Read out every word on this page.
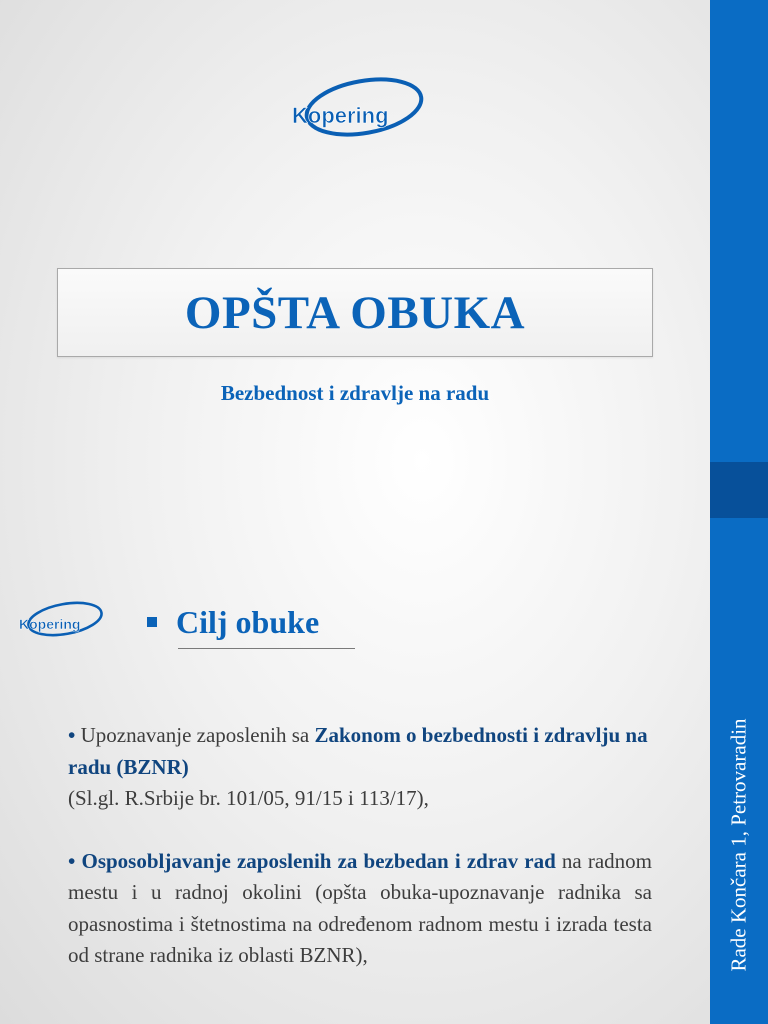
Rade Končara 1, Petrovaradin
Kopering
Kopering
OPŠTA OBUKA
Bezbednost i zdravlje na radu
Cilj obuke

• Upoznavanje zaposlenih sa Zakonom o bezbednosti i zdravlju na radu (BZNR)
(Sl.gl. R.Srbije br. 101/05, 91/15 i 113/17),

• Osposobljavanje zaposlenih za bezbedan i zdrav rad na radnom mestu i u radnoj okolini (opšta obuka-upoznavanje radnika sa opasnostima i štetnostima na određenom radnom mestu i izrada testa od strane radnika iz oblasti BZNR),
